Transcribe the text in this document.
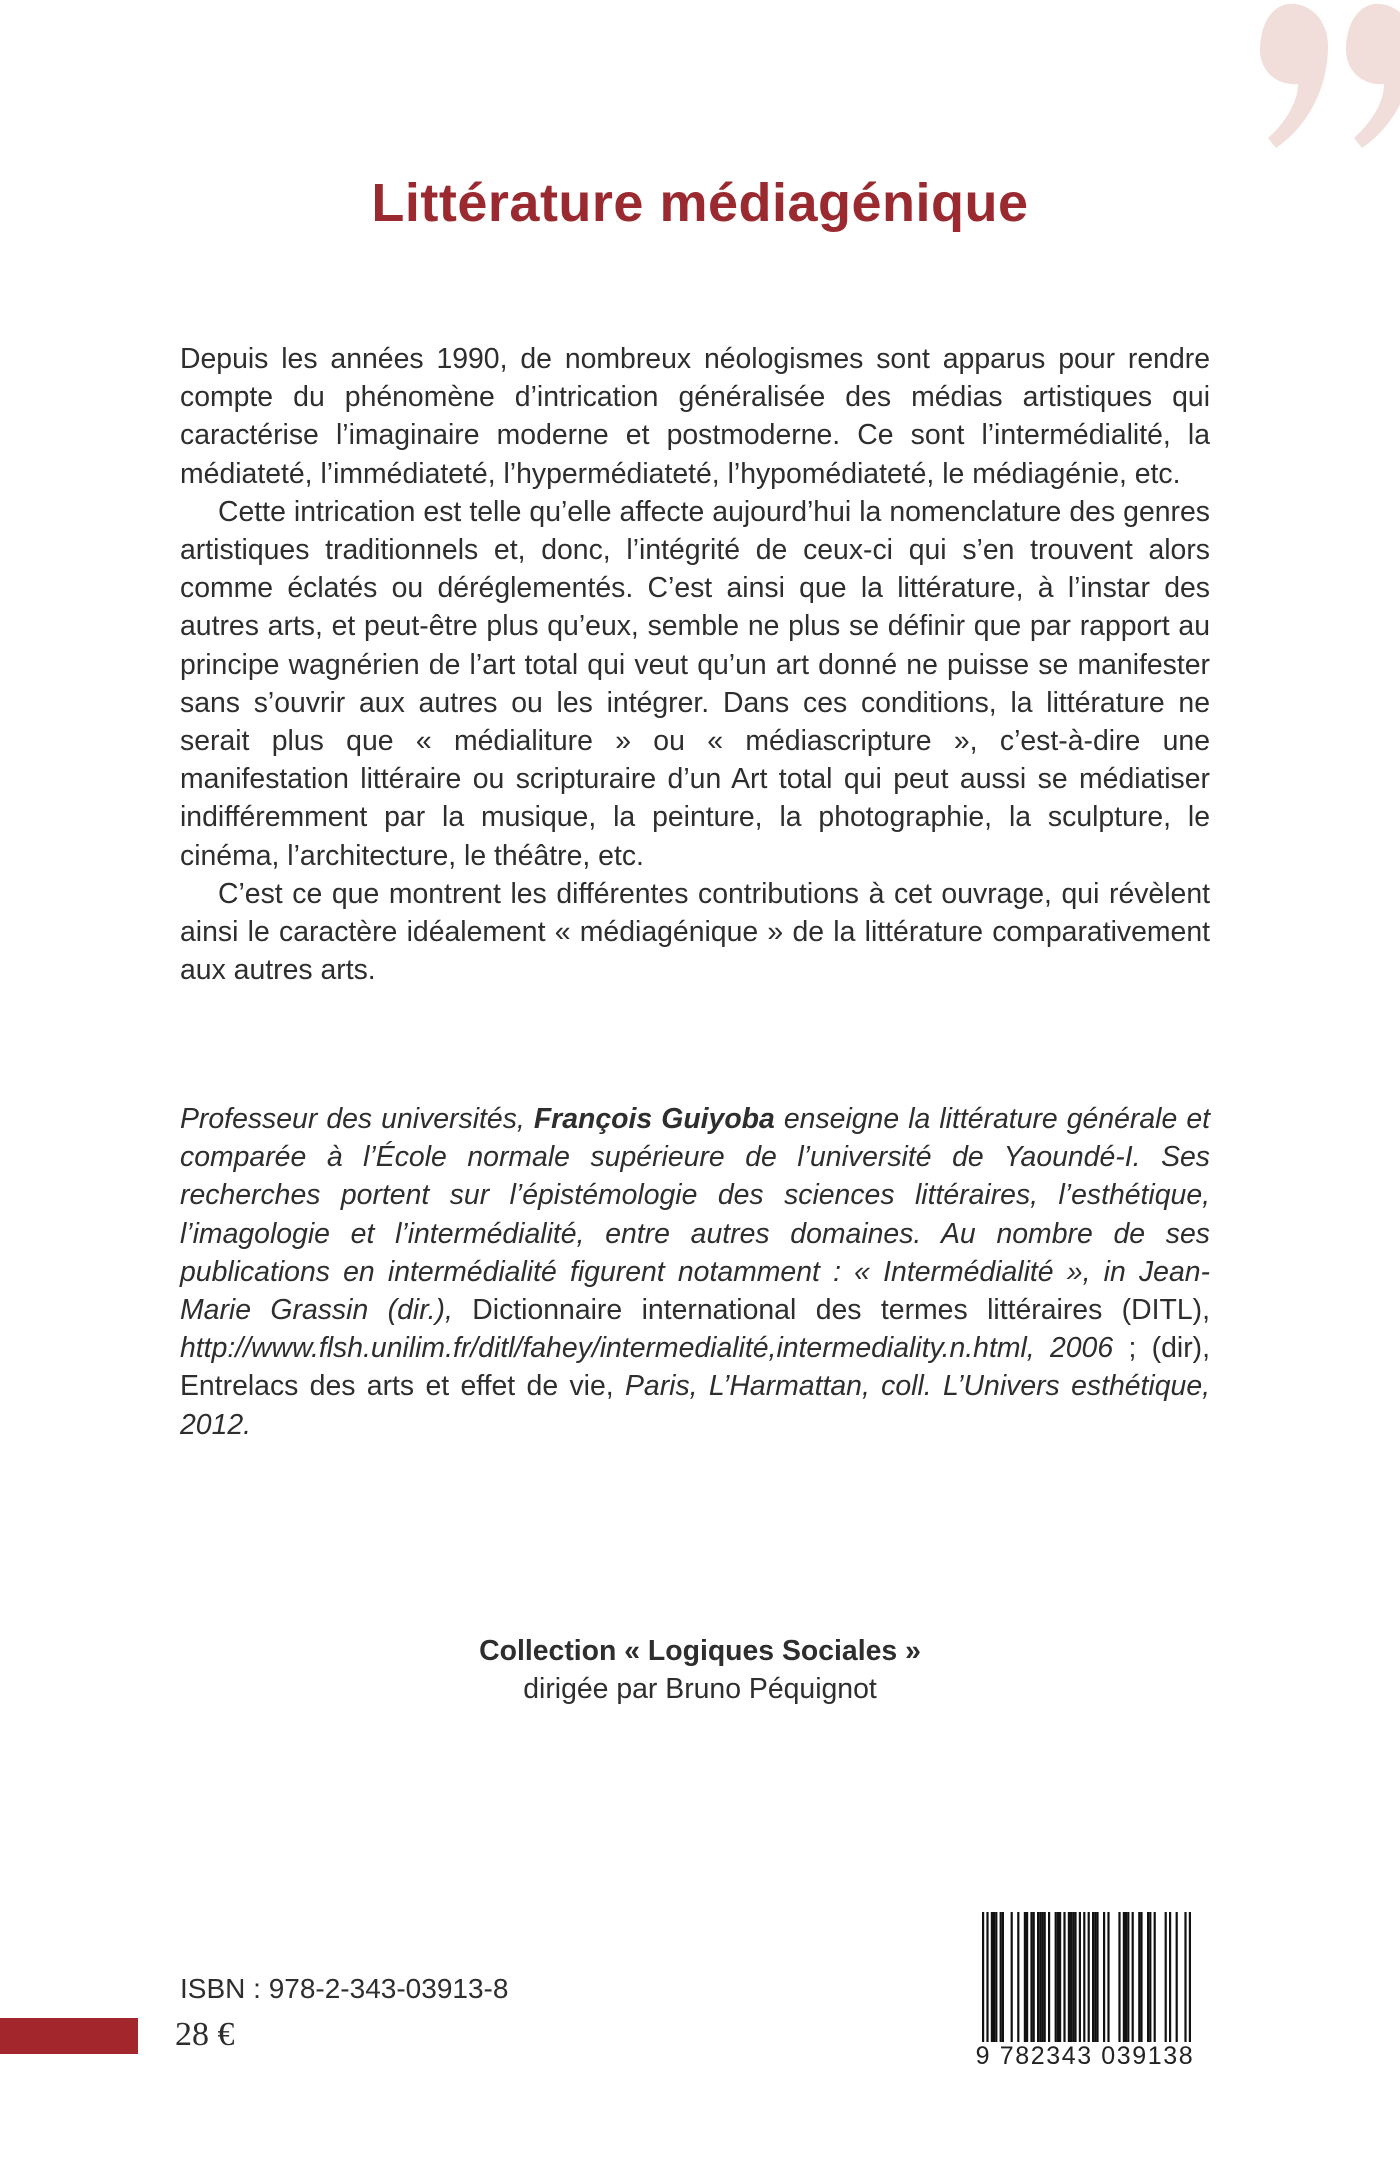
Littérature médiagénique

Depuis les années 1990, de nombreux néologismes sont apparus pour rendre compte du phénomène d’intrication généralisée des médias artistiques qui caractérise l’imaginaire moderne et postmoderne. Ce sont l’intermédialité, la médiateté, l’immédiateté, l’hypermédiateté, l’hypomédiateté, le médiagénie, etc.

Cette intrication est telle qu’elle affecte aujourd’hui la nomenclature des genres artistiques traditionnels et, donc, l’intégrité de ceux-ci qui s’en trouvent alors comme éclatés ou déréglementés. C’est ainsi que la littérature, à l’instar des autres arts, et peut-être plus qu’eux, semble ne plus se définir que par rapport au principe wagnérien de l’art total qui veut qu’un art donné ne puisse se manifester sans s’ouvrir aux autres ou les intégrer. Dans ces conditions, la littérature ne serait plus que « médialiture » ou « médiascripture », c’est-à-dire une manifestation littéraire ou scripturaire d’un Art total qui peut aussi se médiatiser indifféremment par la musique, la peinture, la photographie, la sculpture, le cinéma, l’architecture, le théâtre, etc.

C’est ce que montrent les différentes contributions à cet ouvrage, qui révèlent ainsi le caractère idéalement « médiagénique » de la littérature comparativement aux autres arts.

Professeur des universités, François Guiyoba enseigne la littérature générale et comparée à l’École normale supérieure de l’université de Yaoundé-I. Ses recherches portent sur l’épistémologie des sciences littéraires, l’esthétique, l’imagologie et l’intermédialité, entre autres domaines. Au nombre de ses publications en intermédialité figurent notamment : « Intermédialité », in Jean-Marie Grassin (dir.), Dictionnaire international des termes littéraires (DITL), http://www.flsh.unilim.fr/ditl/fahey/intermedialité,intermediality.n.html, 2006 ; (dir), Entrelacs des arts et effet de vie, Paris, L’Harmattan, coll. L’Univers esthétique, 2012.
Collection « Logiques Sociales »
dirigée par Bruno Péquignot
ISBN : 978-2-343-03913-8
28 €
9 782343 039138
